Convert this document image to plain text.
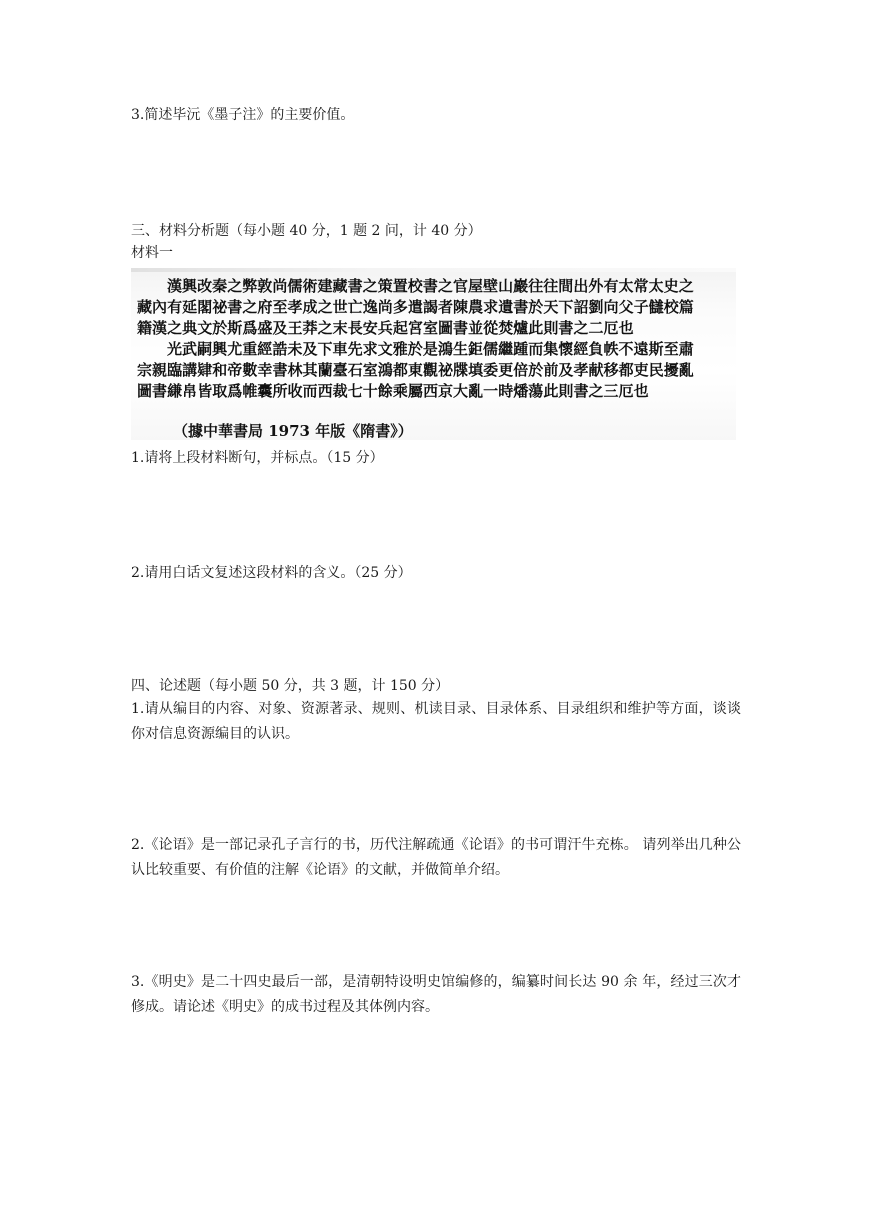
3.简述毕沅《墨子注》的主要价值。
三、材料分析题（每小题 40 分，1 题 2 问，计 40 分）
材料一
漢興改秦之弊敦尚儒術建藏書之策置校書之官屋壁山巖往往間出外有太常太史之
藏內有延閣祕書之府至孝成之世亡逸尚多遣謁者陳農求遺書於天下詔劉向父子讎校篇
籍漢之典文於斯爲盛及王莽之末長安兵起宮室圖書並從焚爐此則書之二厄也
光武嗣興尤重經誥未及下車先求文雅於是鴻生鉅儒繼踵而集懷經負帙不遠斯至肅
宗親臨講肄和帝數幸書林其蘭臺石室鴻都東觀祕牒填委更倍於前及孝献移都吏民擾亂
圖書縑帛皆取爲帷囊所收而西裁七十餘乘屬西京大亂一時燔蕩此則書之三厄也
（據中華書局 1973 年版《隋書》）
1.请将上段材料断句，并标点。（15 分）
2.请用白话文复述这段材料的含义。（25 分）
四、论述题（每小题 50 分，共 3 题，计 150 分）
1.请从编目的内容、对象、资源著录、规则、机读目录、目录体系、目录组织和维护等方面，谈谈你对信息资源编目的认识。
2.《论语》是一部记录孔子言行的书，历代注解疏通《论语》的书可谓汗牛充栋。 请列举出几种公认比较重要、有价值的注解《论语》的文献，并做简单介绍。
3.《明史》是二十四史最后一部，是清朝特设明史馆编修的，编纂时间长达 90 余 年，经过三次才修成。请论述《明史》的成书过程及其体例内容。
